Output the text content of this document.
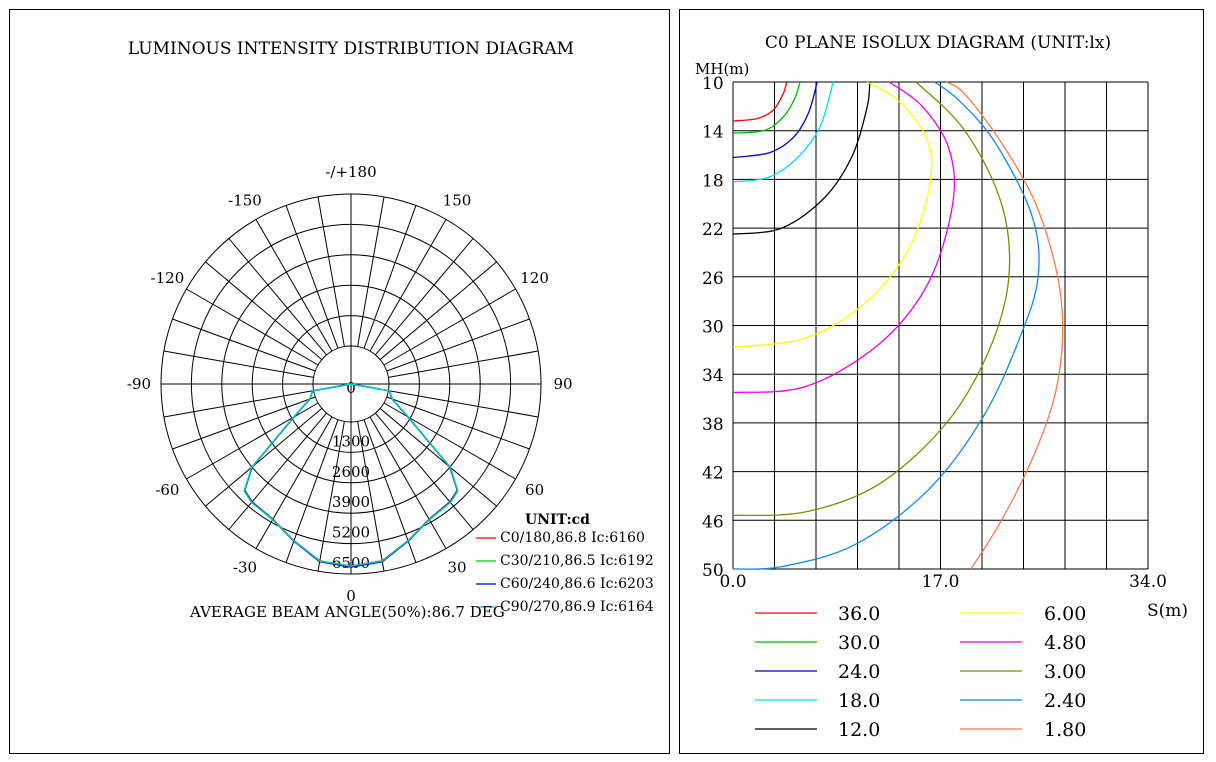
LUMINOUS INTENSITY DISTRIBUTION DIAGRAM
-/+180
-150	150
-120	120
-90	90
-60	60
-30	30
0
0
1300
2600
3900
5200
6500
UNIT:cd
C0/180,86.8 Ic:6160
C30/210,86.5 Ic:6192
C60/240,86.6 Ic:6203
C90/270,86.9 Ic:6164
AVERAGE BEAM ANGLE(50%):86.7 DEG
C0 PLANE ISOLUX DIAGRAM (UNIT:lx)
MH(m)
S(m)
10
14
18
22
26
30
34
38
42
46
50
0.0	17.0	34.0
36.0
30.0
24.0
18.0
12.0
6.00
4.80
3.00
2.40
1.80
